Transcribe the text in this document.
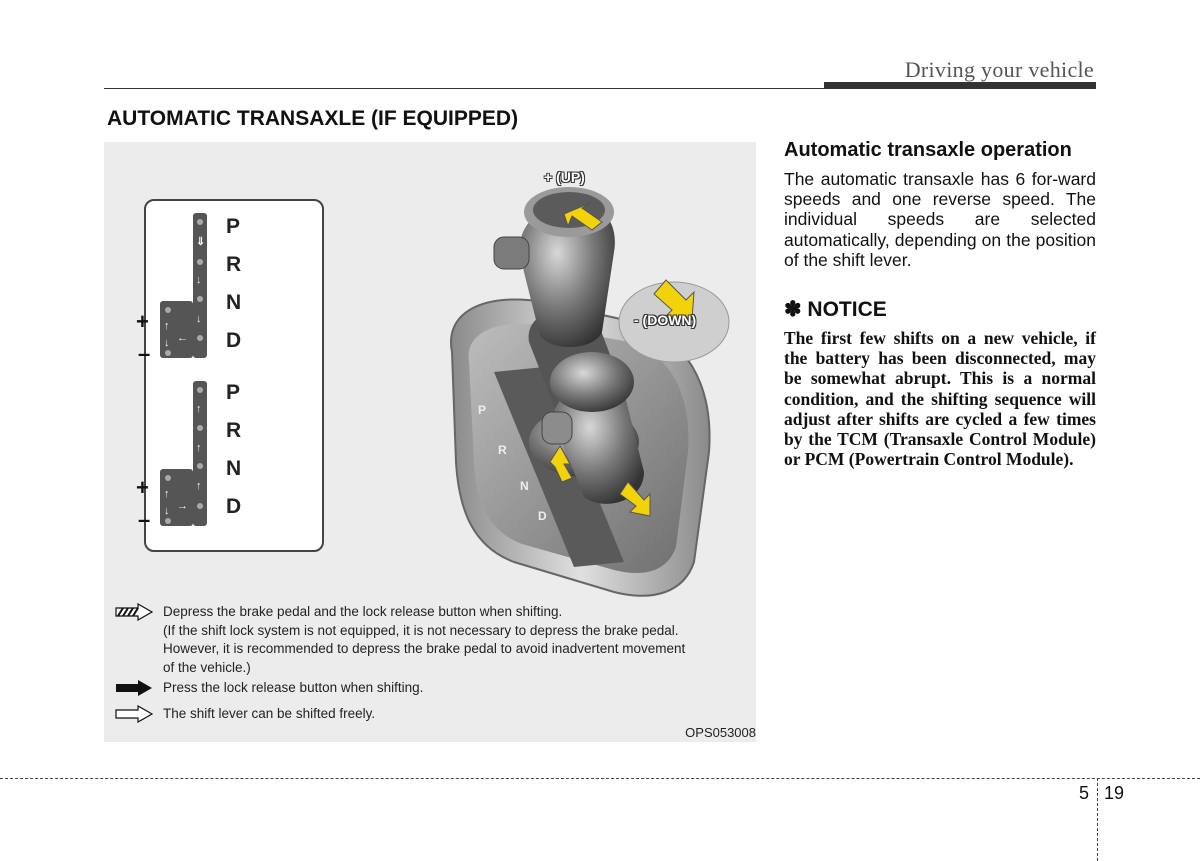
Driving your vehicle
AUTOMATIC TRANSAXLE (IF EQUIPPED)
⇓
↓
↓
↑
←
↓
P
R
N
D
+
–
↑
↑
↑
↑
→
↓
P
R
N
D
+
–
P
R
N
D
+ (UP)
- (DOWN)
Depress the brake pedal and the lock release button when shifting.
(If the shift lock system is not equipped, it is not necessary to depress the brake pedal.
However, it is recommended to depress the brake pedal to avoid inadvertent movement
of the vehicle.)
Press the lock release button when shifting.
The shift lever can be shifted freely.
OPS053008
Automatic transaxle operation
The automatic transaxle has 6 for-ward speeds and one reverse speed. The individual speeds are selected automatically, depending on the position of the shift lever.
✽ NOTICE
The first few shifts on a new vehicle, if the battery has been disconnected, may be somewhat abrupt. This is a normal condition, and the shifting sequence will adjust after shifts are cycled a few times by the TCM (Transaxle Control Module) or PCM (Powertrain Control Module).
5 19
